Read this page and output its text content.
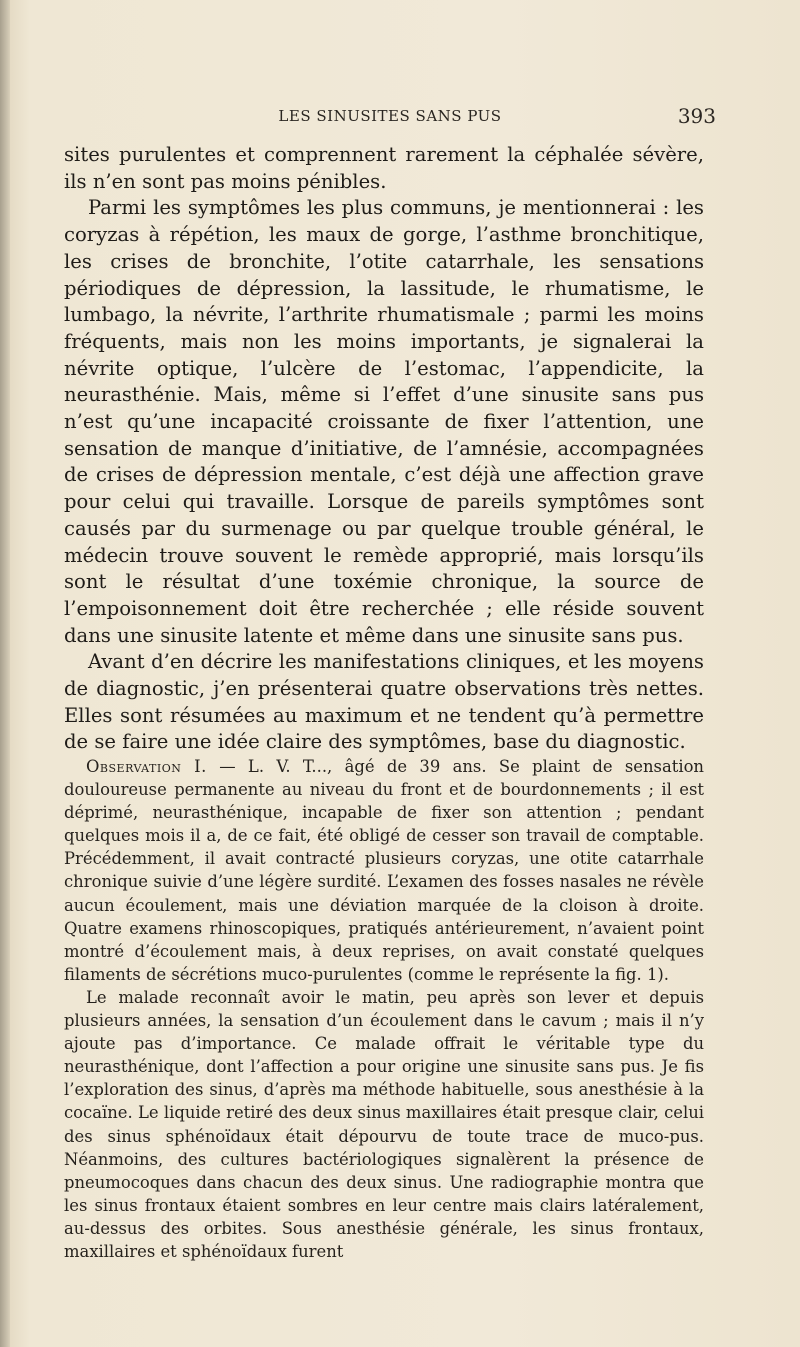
LES SINUSITES SANS PUS	393

sites purulentes et comprennent rarement la céphalée sévère, ils n’en sont pas moins pénibles.

Parmi les symptômes les plus communs, je mentionnerai : les coryzas à répétion, les maux de gorge, l’asthme bronchitique, les crises de bronchite, l’otite catarrhale, les sensations périodiques de dépression, la lassitude, le rhumatisme, le lumbago, la névrite, l’arthrite rhumatismale ; parmi les moins fréquents, mais non les moins importants, je signalerai la névrite optique, l’ulcère de l’estomac, l’appendicite, la neurasthénie. Mais, même si l’effet d’une sinusite sans pus n’est qu’une incapacité croissante de fixer l’attention, une sensation de manque d’initiative, de l’amnésie, accompagnées de crises de dépression mentale, c’est déjà une affection grave pour celui qui travaille. Lorsque de pareils symptômes sont causés par du surmenage ou par quelque trouble général, le médecin trouve souvent le remède approprié, mais lorsqu’ils sont le résultat d’une toxémie chronique, la source de l’empoisonnement doit être recherchée ; elle réside souvent dans une sinusite latente et même dans une sinusite sans pus.

Avant d’en décrire les manifestations cliniques, et les moyens de diagnostic, j’en présenterai quatre observations très nettes. Elles sont résumées au maximum et ne tendent qu’à permettre de se faire une idée claire des symptômes, base du diagnostic.

Observation I. — L. V. T..., âgé de 39 ans. Se plaint de sensation douloureuse permanente au niveau du front et de bourdonnements ; il est déprimé, neurasthénique, incapable de fixer son attention ; pendant quelques mois il a, de ce fait, été obligé de cesser son travail de comptable. Précédemment, il avait contracté plusieurs coryzas, une otite catarrhale chronique suivie d’une légère surdité. L’examen des fosses nasales ne révèle aucun écoulement, mais une déviation marquée de la cloison à droite. Quatre examens rhinoscopiques, pratiqués antérieurement, n’avaient point montré d’écoulement mais, à deux reprises, on avait constaté quelques filaments de sécrétions muco-purulentes (comme le représente la fig. 1).

Le malade reconnaît avoir le matin, peu après son lever et depuis plusieurs années, la sensation d’un écoulement dans le cavum ; mais il n’y ajoute pas d’importance. Ce malade offrait le véritable type du neurasthénique, dont l’affection a pour origine une sinusite sans pus. Je fis l’exploration des sinus, d’après ma méthode habituelle, sous anesthésie à la cocaïne. Le liquide retiré des deux sinus maxillaires était presque clair, celui des sinus sphénoïdaux était dépourvu de toute trace de muco-pus. Néanmoins, des cultures bactériologiques signalèrent la présence de pneumocoques dans chacun des deux sinus. Une radiographie montra que les sinus frontaux étaient sombres en leur centre mais clairs latéralement, au-dessus des orbites. Sous anesthésie générale, les sinus frontaux, maxillaires et sphénoïdaux furent
